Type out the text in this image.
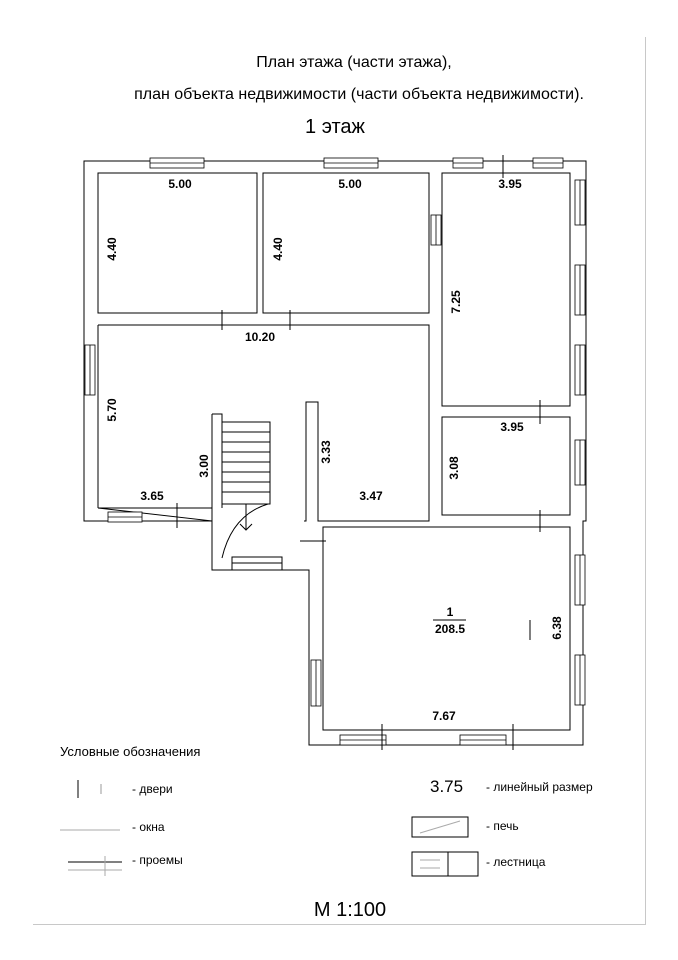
План этажа (части этажа),
план объекта недвижимости (части объекта недвижимости).
1 этаж
5.00
4.40
5.00
4.40
3.95
7.25
10.20
5.70
3.65
3.00
3.33
3.47
3.95
3.08
7.67
6.38
1
208.5
Условные обозначения
- двери
- окна
- проемы
3.75 - линейный размер
- печь
- лестница
М 1:100
